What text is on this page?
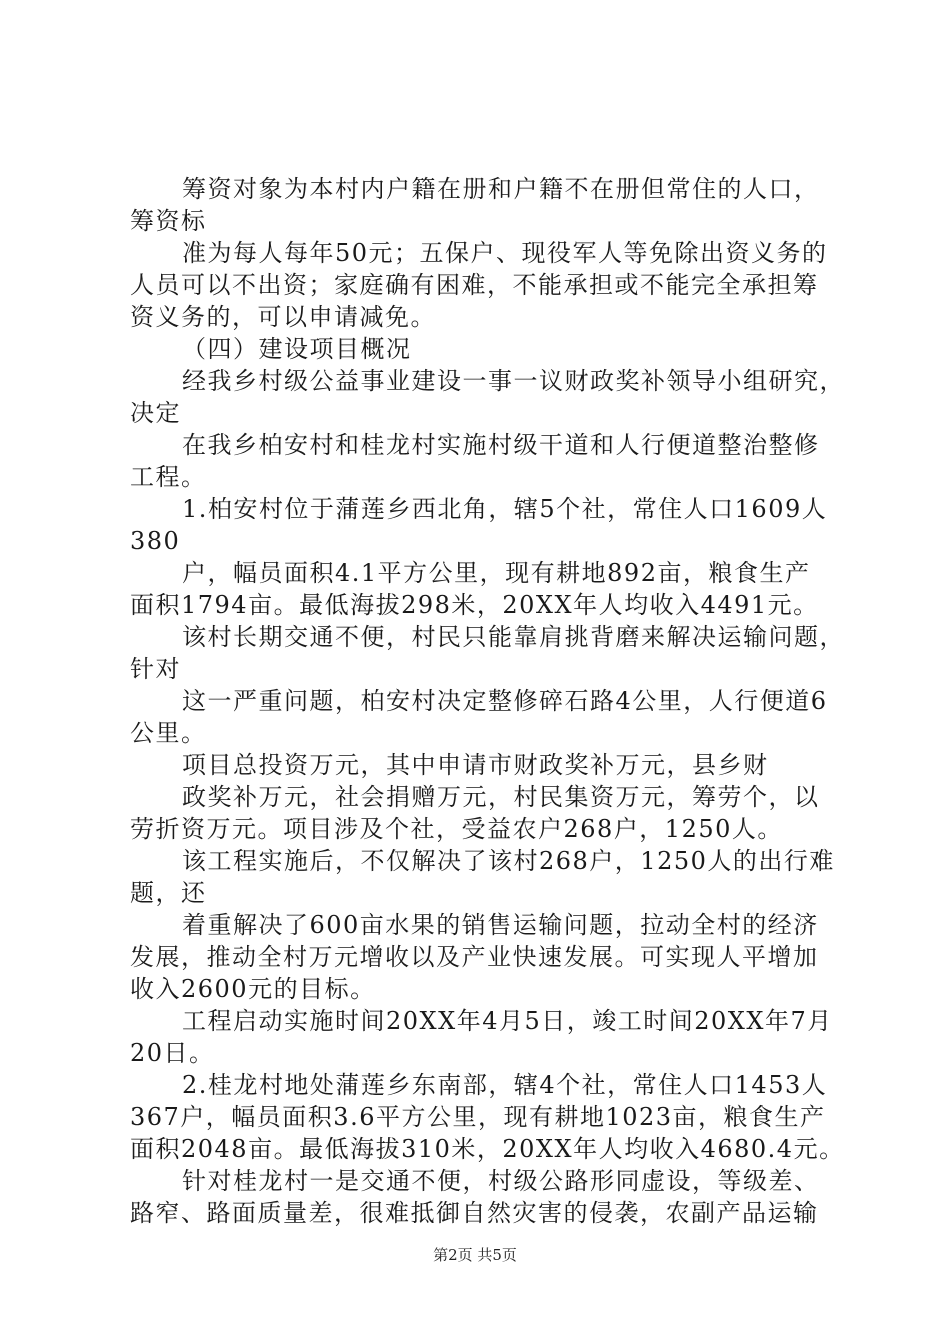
筹资对象为本村内户籍在册和户籍不在册但常住的人口，
筹资标
准为每人每年50元；五保户、现役军人等免除出资义务的
人员可以不出资；家庭确有困难，不能承担或不能完全承担筹
资义务的，可以申请减免。
（四）建设项目概况
经我乡村级公益事业建设一事一议财政奖补领导小组研究，
决定
在我乡柏安村和桂龙村实施村级干道和人行便道整治整修
工程。
1.柏安村位于蒲莲乡西北角，辖5个社，常住人口1609人
380
户，幅员面积4.1平方公里，现有耕地892亩，粮食生产
面积1794亩。最低海拔298米，20XX年人均收入4491元。
该村长期交通不便，村民只能靠肩挑背磨来解决运输问题，
针对
这一严重问题，柏安村决定整修碎石路4公里，人行便道6
公里。
项目总投资万元，其中申请市财政奖补万元，县乡财
政奖补万元，社会捐赠万元，村民集资万元，筹劳个，以
劳折资万元。项目涉及个社，受益农户268户，1250人。
该工程实施后，不仅解决了该村268户，1250人的出行难
题，还
着重解决了600亩水果的销售运输问题，拉动全村的经济
发展，推动全村万元增收以及产业快速发展。可实现人平增加
收入2600元的目标。
工程启动实施时间20XX年4月5日，竣工时间20XX年7月
20日。
2.桂龙村地处蒲莲乡东南部，辖4个社，常住人口1453人
367户，幅员面积3.6平方公里，现有耕地1023亩，粮食生产
面积2048亩。最低海拔310米，20XX年人均收入4680.4元。
针对桂龙村一是交通不便，村级公路形同虚设，等级差、
路窄、路面质量差，很难抵御自然灾害的侵袭，农副产品运输
第2页 共5页
